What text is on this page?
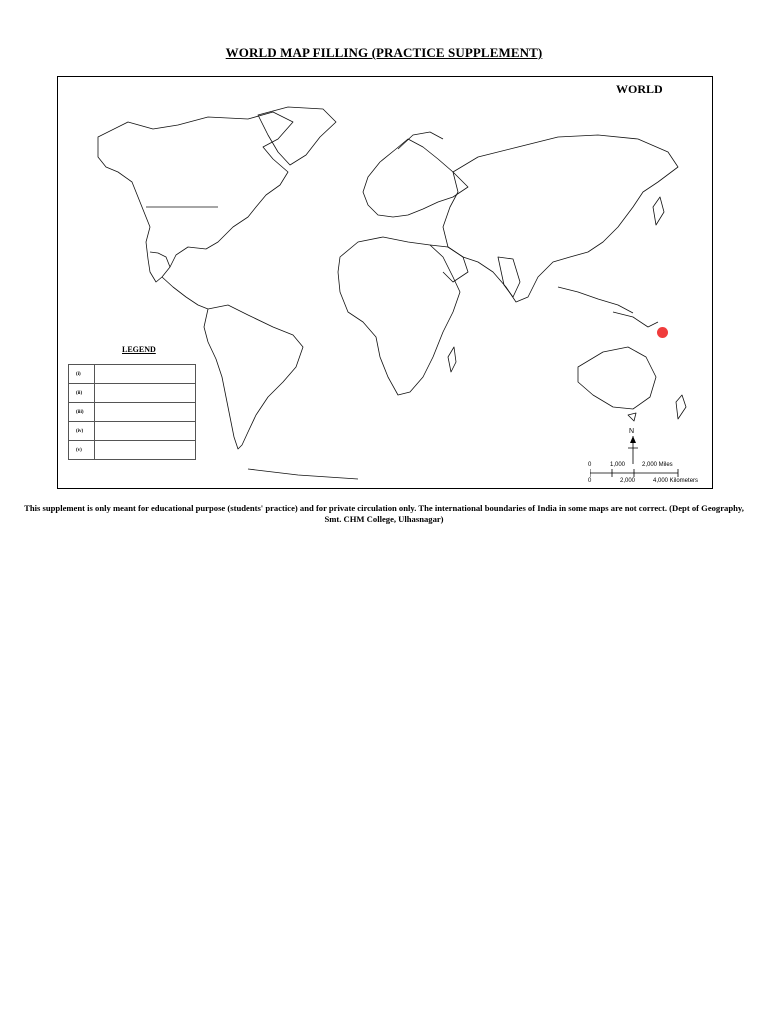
WORLD MAP FILLING (PRACTICE SUPPLEMENT)
WORLD
LEGEND
(i)	
(ii)	
(iii)	
(iv)	
(v)	
N
0	1,000	2,000 Miles
0	2,000	4,000 Kilometers
This supplement is only meant for educational purpose (students' practice) and for private circulation only. The international boundaries of India in some maps are not correct. (Dept of Geography, Smt. CHM College, Ulhasnagar)
